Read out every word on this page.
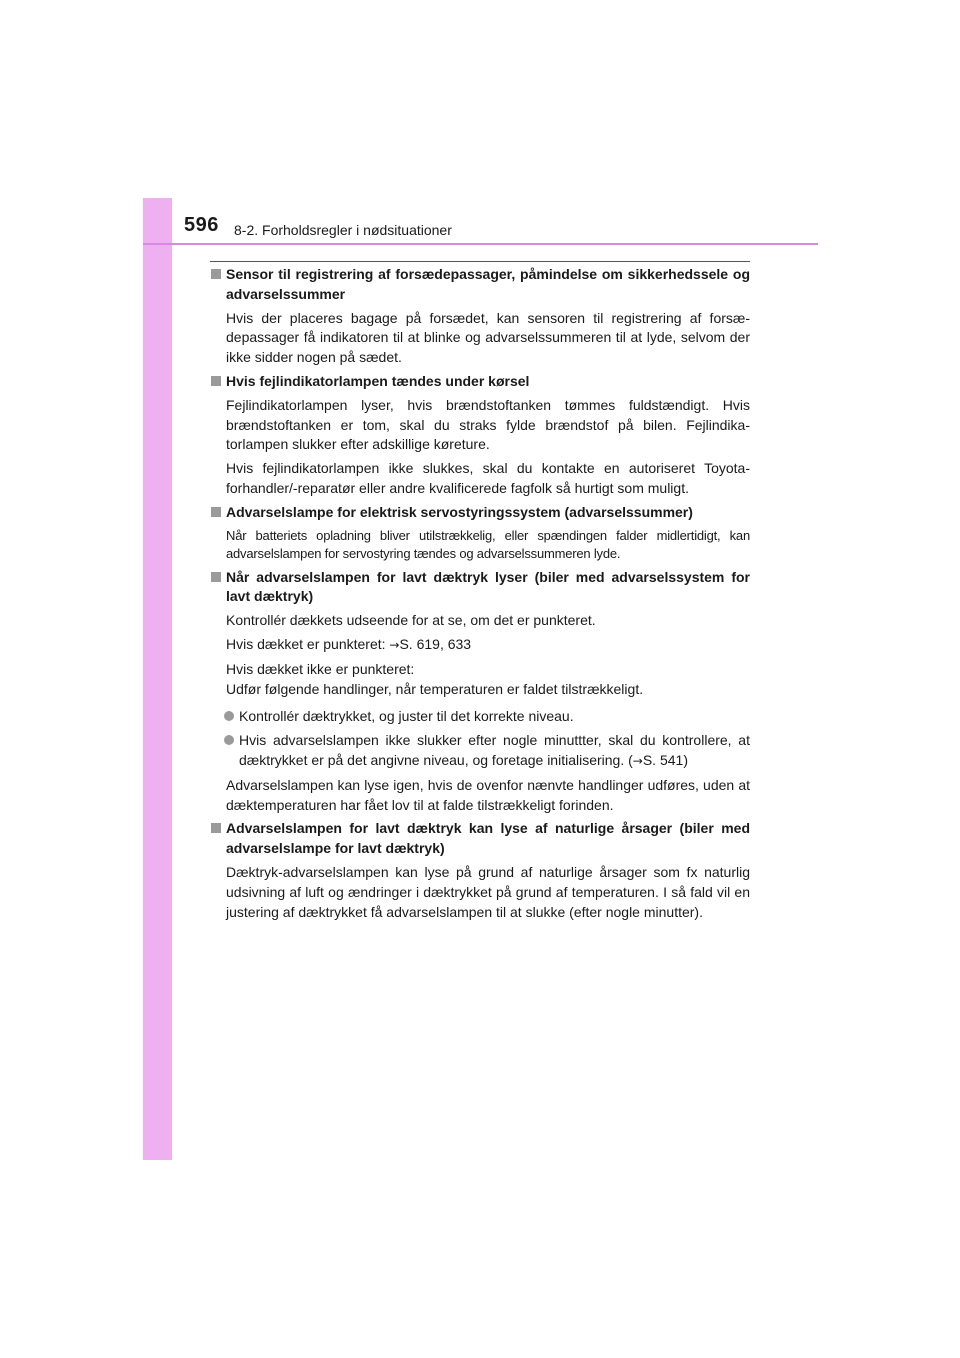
596 8-2. Forholdsregler i nødsituationer
Sensor til registrering af forsædepassager, påmindelse om sikkerhedssele og advarselssummer
Hvis der placeres bagage på forsædet, kan sensoren til registrering af forsæ-depassager få indikatoren til at blinke og advarselssummeren til at lyde, selvom der ikke sidder nogen på sædet.
Hvis fejlindikatorlampen tændes under kørsel
Fejlindikatorlampen lyser, hvis brændstoftanken tømmes fuldstændigt. Hvis brændstoftanken er tom, skal du straks fylde brændstof på bilen. Fejlindika-torlampen slukker efter adskillige køreture.
Hvis fejlindikatorlampen ikke slukkes, skal du kontakte en autoriseret Toyota-forhandler/-reparatør eller andre kvalificerede fagfolk så hurtigt som muligt.
Advarselslampe for elektrisk servostyringssystem (advarselssummer)
Når batteriets opladning bliver utilstrækkelig, eller spændingen falder midlertidigt, kan advarselslampen for servostyring tændes og advarselssummeren lyde.
Når advarselslampen for lavt dæktryk lyser (biler med advarselssystem for lavt dæktryk)
Kontrollér dækkets udseende for at se, om det er punkteret.
Hvis dækket er punkteret: →S. 619, 633
Hvis dækket ikke er punkteret:
Udfør følgende handlinger, når temperaturen er faldet tilstrækkeligt.
Kontrollér dæktrykket, og juster til det korrekte niveau.
Hvis advarselslampen ikke slukker efter nogle minuttter, skal du kontrollere, at dæktrykket er på det angivne niveau, og foretage initialisering. (→S. 541)
Advarselslampen kan lyse igen, hvis de ovenfor nænvte handlinger udføres, uden at dæktemperaturen har fået lov til at falde tilstrækkeligt forinden.
Advarselslampen for lavt dæktryk kan lyse af naturlige årsager (biler med advarselslampe for lavt dæktryk)
Dæktryk-advarselslampen kan lyse på grund af naturlige årsager som fx naturlig udsivning af luft og ændringer i dæktrykket på grund af temperaturen. I så fald vil en justering af dæktrykket få advarselslampen til at slukke (efter nogle minutter).
